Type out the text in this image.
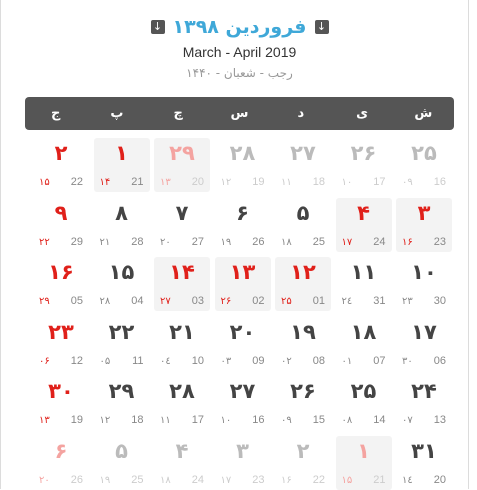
↓ فروردین ۱۳۹۸ ↓
March - April 2019
رجب - شعبان - ۱۴۴۰
ش
ی
د
س
چ
پ
ج
۲۵
16
۰۹
۲۶
17
۱۰
۲۷
18
۱۱
۲۸
19
۱۲
۲۹
20
۱۳
۱
21
۱۴
۲
22
۱۵
۳
23
۱۶
۴
24
۱۷
۵
25
۱۸
۶
26
۱۹
۷
27
۲۰
۸
28
۲۱
۹
29
۲۲
۱۰
30
۲۳
۱۱
31
۲٤
۱۲
01
۲۵
۱۳
02
۲۶
۱۴
03
۲۷
۱۵
04
۲۸
۱۶
05
۲۹
۱۷
06
۳۰
۱۸
07
۰۱
۱۹
08
۰۲
۲۰
09
۰۳
۲۱
10
۰٤
۲۲
11
۰۵
۲۳
12
۰۶
۲۴
13
۰۷
۲۵
14
۰۸
۲۶
15
۰۹
۲۷
16
۱۰
۲۸
17
۱۱
۲۹
18
۱۲
۳۰
19
۱۳
۳۱
20
۱٤
۱
21
۱۵
۲
22
۱۶
۳
23
۱۷
۴
24
۱۸
۵
25
۱۹
۶
26
۲۰
